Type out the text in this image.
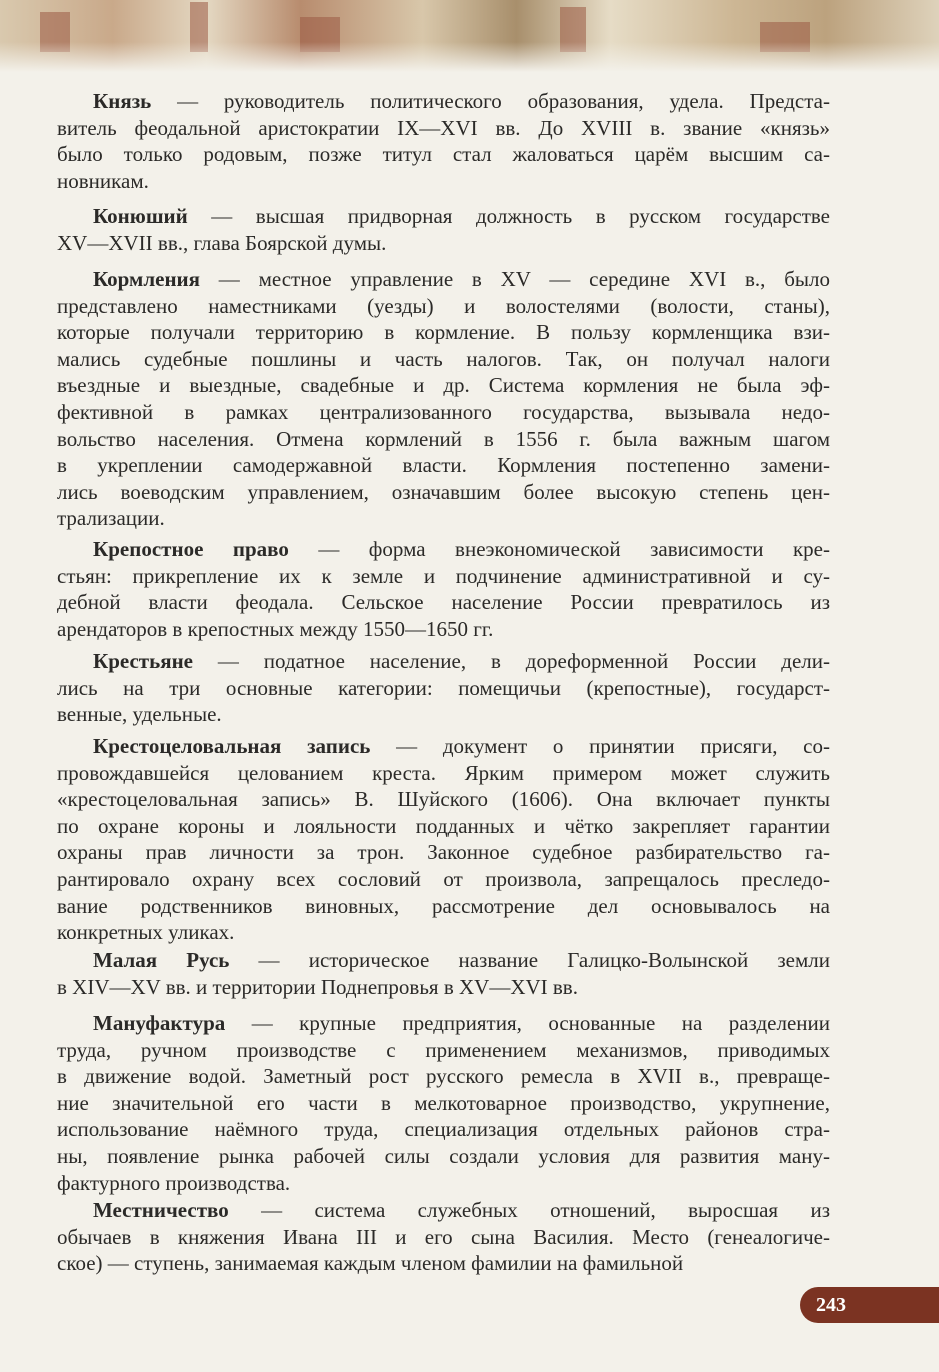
Князь — руководитель политического образования, удела. Предста-
витель феодальной аристократии IX—XVI вв. До XVIII в. звание «князь»
было только родовым, позже титул стал жаловаться царём высшим са-
новникам.
Конюший — высшая придворная должность в русском государстве
XV—XVII вв., глава Боярской думы.
Кормления — местное управление в XV — середине XVI в., было
представлено наместниками (уезды) и волостелями (волости, станы),
которые получали территорию в кормление. В пользу кормленщика взи-
мались судебные пошлины и часть налогов. Так, он получал налоги
въездные и выездные, свадебные и др. Система кормления не была эф-
фективной в рамках централизованного государства, вызывала недо-
вольство населения. Отмена кормлений в 1556 г. была важным шагом
в укреплении самодержавной власти. Кормления постепенно замени-
лись воеводским управлением, означавшим более высокую степень цен-
трализации.
Крепостное право — форма внеэкономической зависимости кре-
стьян: прикрепление их к земле и подчинение административной и су-
дебной власти феодала. Сельское население России превратилось из
арендаторов в крепостных между 1550—1650 гг.
Крестьяне — податное население, в дореформенной России дели-
лись на три основные категории: помещичьи (крепостные), государст-
венные, удельные.
Крестоцеловальная запись — документ о принятии присяги, со-
провождавшейся целованием креста. Ярким примером может служить
«крестоцеловальная запись» В. Шуйского (1606). Она включает пункты
по охране короны и лояльности подданных и чётко закрепляет гарантии
охраны прав личности за трон. Законное судебное разбирательство га-
рантировало охрану всех сословий от произвола, запрещалось преследо-
вание родственников виновных, рассмотрение дел основывалось на
конкретных уликах.
Малая Русь — историческое название Галицко-Волынской земли
в XIV—XV вв. и территории Поднепровья в XV—XVI вв.
Мануфактура — крупные предприятия, основанные на разделении
труда, ручном производстве с применением механизмов, приводимых
в движение водой. Заметный рост русского ремесла в XVII в., превраще-
ние значительной его части в мелкотоварное производство, укрупнение,
использование наёмного труда, специализация отдельных районов стра-
ны, появление рынка рабочей силы создали условия для развития ману-
фактурного производства.
Местничество — система служебных отношений, выросшая из
обычаев в княжения Ивана III и его сына Василия. Место (генеалогиче-
ское) — ступень, занимаемая каждым членом фамилии на фамильной
243
